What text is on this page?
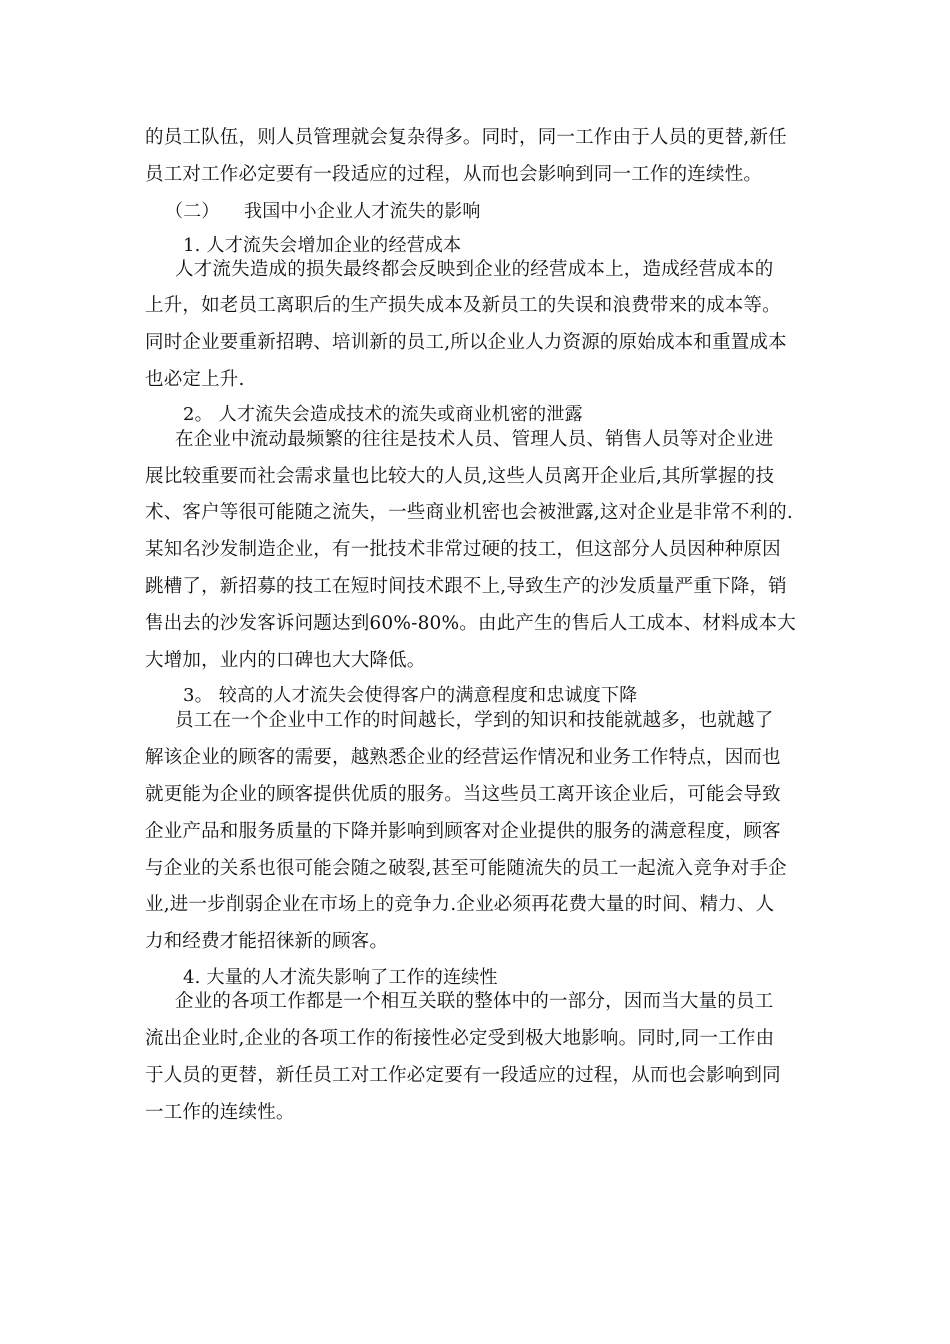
的员工队伍，则人员管理就会复杂得多。同时，同一工作由于人员的更替,新任
员工对工作必定要有一段适应的过程，从而也会影响到同一工作的连续性。
（二） 我国中小企业人才流失的影响
1. 人才流失会增加企业的经营成本
人才流失造成的损失最终都会反映到企业的经营成本上，造成经营成本的
上升，如老员工离职后的生产损失成本及新员工的失误和浪费带来的成本等。
同时企业要重新招聘、培训新的员工,所以企业人力资源的原始成本和重置成本
也必定上升.
2。 人才流失会造成技术的流失或商业机密的泄露
在企业中流动最频繁的往往是技术人员、管理人员、销售人员等对企业进
展比较重要而社会需求量也比较大的人员,这些人员离开企业后,其所掌握的技
术、客户等很可能随之流失，一些商业机密也会被泄露,这对企业是非常不利的.
某知名沙发制造企业，有一批技术非常过硬的技工，但这部分人员因种种原因
跳槽了，新招募的技工在短时间技术跟不上,导致生产的沙发质量严重下降，销
售出去的沙发客诉问题达到60%-80%。由此产生的售后人工成本、材料成本大
大增加，业内的口碑也大大降低。
3。 较高的人才流失会使得客户的满意程度和忠诚度下降
员工在一个企业中工作的时间越长，学到的知识和技能就越多，也就越了
解该企业的顾客的需要，越熟悉企业的经营运作情况和业务工作特点，因而也
就更能为企业的顾客提供优质的服务。当这些员工离开该企业后，可能会导致
企业产品和服务质量的下降并影响到顾客对企业提供的服务的满意程度，顾客
与企业的关系也很可能会随之破裂,甚至可能随流失的员工一起流入竞争对手企
业,进一步削弱企业在市场上的竞争力.企业必须再花费大量的时间、精力、人
力和经费才能招徕新的顾客。
4. 大量的人才流失影响了工作的连续性
企业的各项工作都是一个相互关联的整体中的一部分，因而当大量的员工
流出企业时,企业的各项工作的衔接性必定受到极大地影响。同时,同一工作由
于人员的更替，新任员工对工作必定要有一段适应的过程，从而也会影响到同
一工作的连续性。
